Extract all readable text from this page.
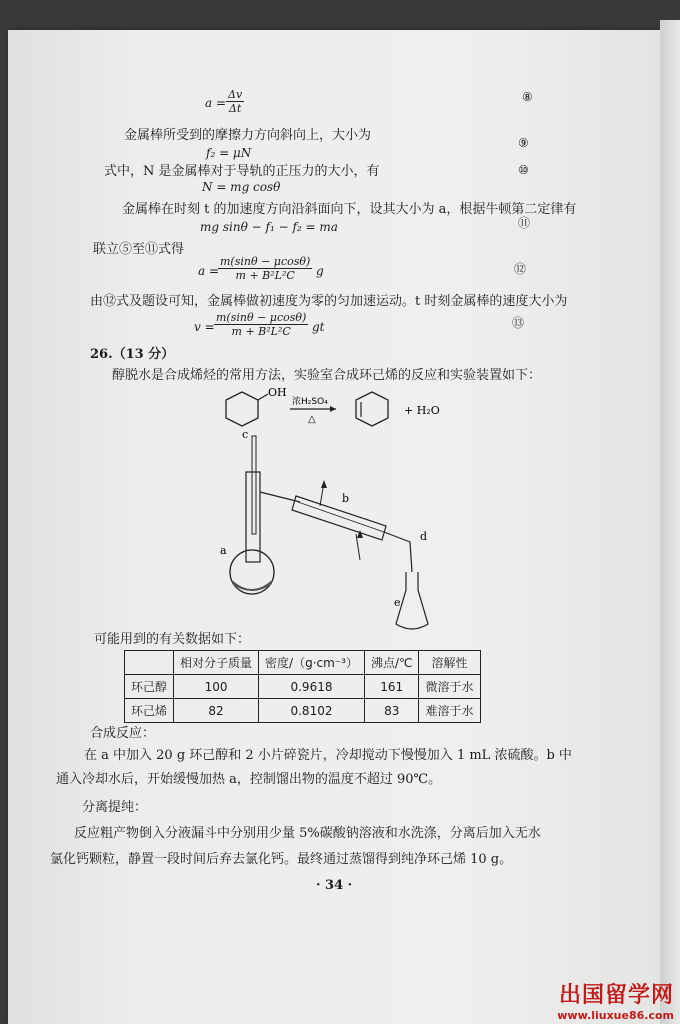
$a = \frac{\Delta v}{\Delta t}$	⑧
金属棒所受到的摩擦力方向斜向上，大小为
f₂ = μN
⑨
式中，N 是金属棒对于导轨的正压力的大小，有
N = mg cosθ
⑩
金属棒在时刻 t 的加速度方向沿斜面向下，设其大小为 a，根据牛顿第二定律有
mg sinθ − f₁ − f₂ = ma	⑪
联立⑤至⑪式得
a =
$\frac{m(\sin\theta - \mu\cos\theta)}{\text{m + B²L²C}}$ g	⑫
由⑫式及题设可知，金属棒做初速度为零的匀加速运动。t 时刻金属棒的速度大小为
$v = \frac{m(\sin\theta - \mu\cos\theta)}{\text{m + B²L²C}}$ gt	⑬
26.（13 分）
醇脱水是合成烯烃的常用方法，实验室合成环己烯的反应和实验装置如下：
OH
浓H₂SO₄
△
+ H₂O
c
a
b
d
e
可能用到的有关数据如下：
	相对分子质量	密度/（g·cm⁻³）	沸点/℃	溶解性
环己醇	100	0.9618	161	微溶于水
环己烯	82	0.8102	83	难溶于水
合成反应：
在 a 中加入 20 g 环己醇和 2 小片碎瓷片，冷却搅动下慢慢加入 1 mL 浓硫酸。b 中
通入冷却水后，开始缓慢加热 a，控制馏出物的温度不超过 90℃。
分离提纯：
反应粗产物倒入分液漏斗中分别用少量 5%碳酸钠溶液和水洗涤，分离后加入无水
氯化钙颗粒，静置一段时间后弃去氯化钙。最终通过蒸馏得到纯净环己烯 10 g。
· 34 ·
出国留学网
www.liuxue86.com
